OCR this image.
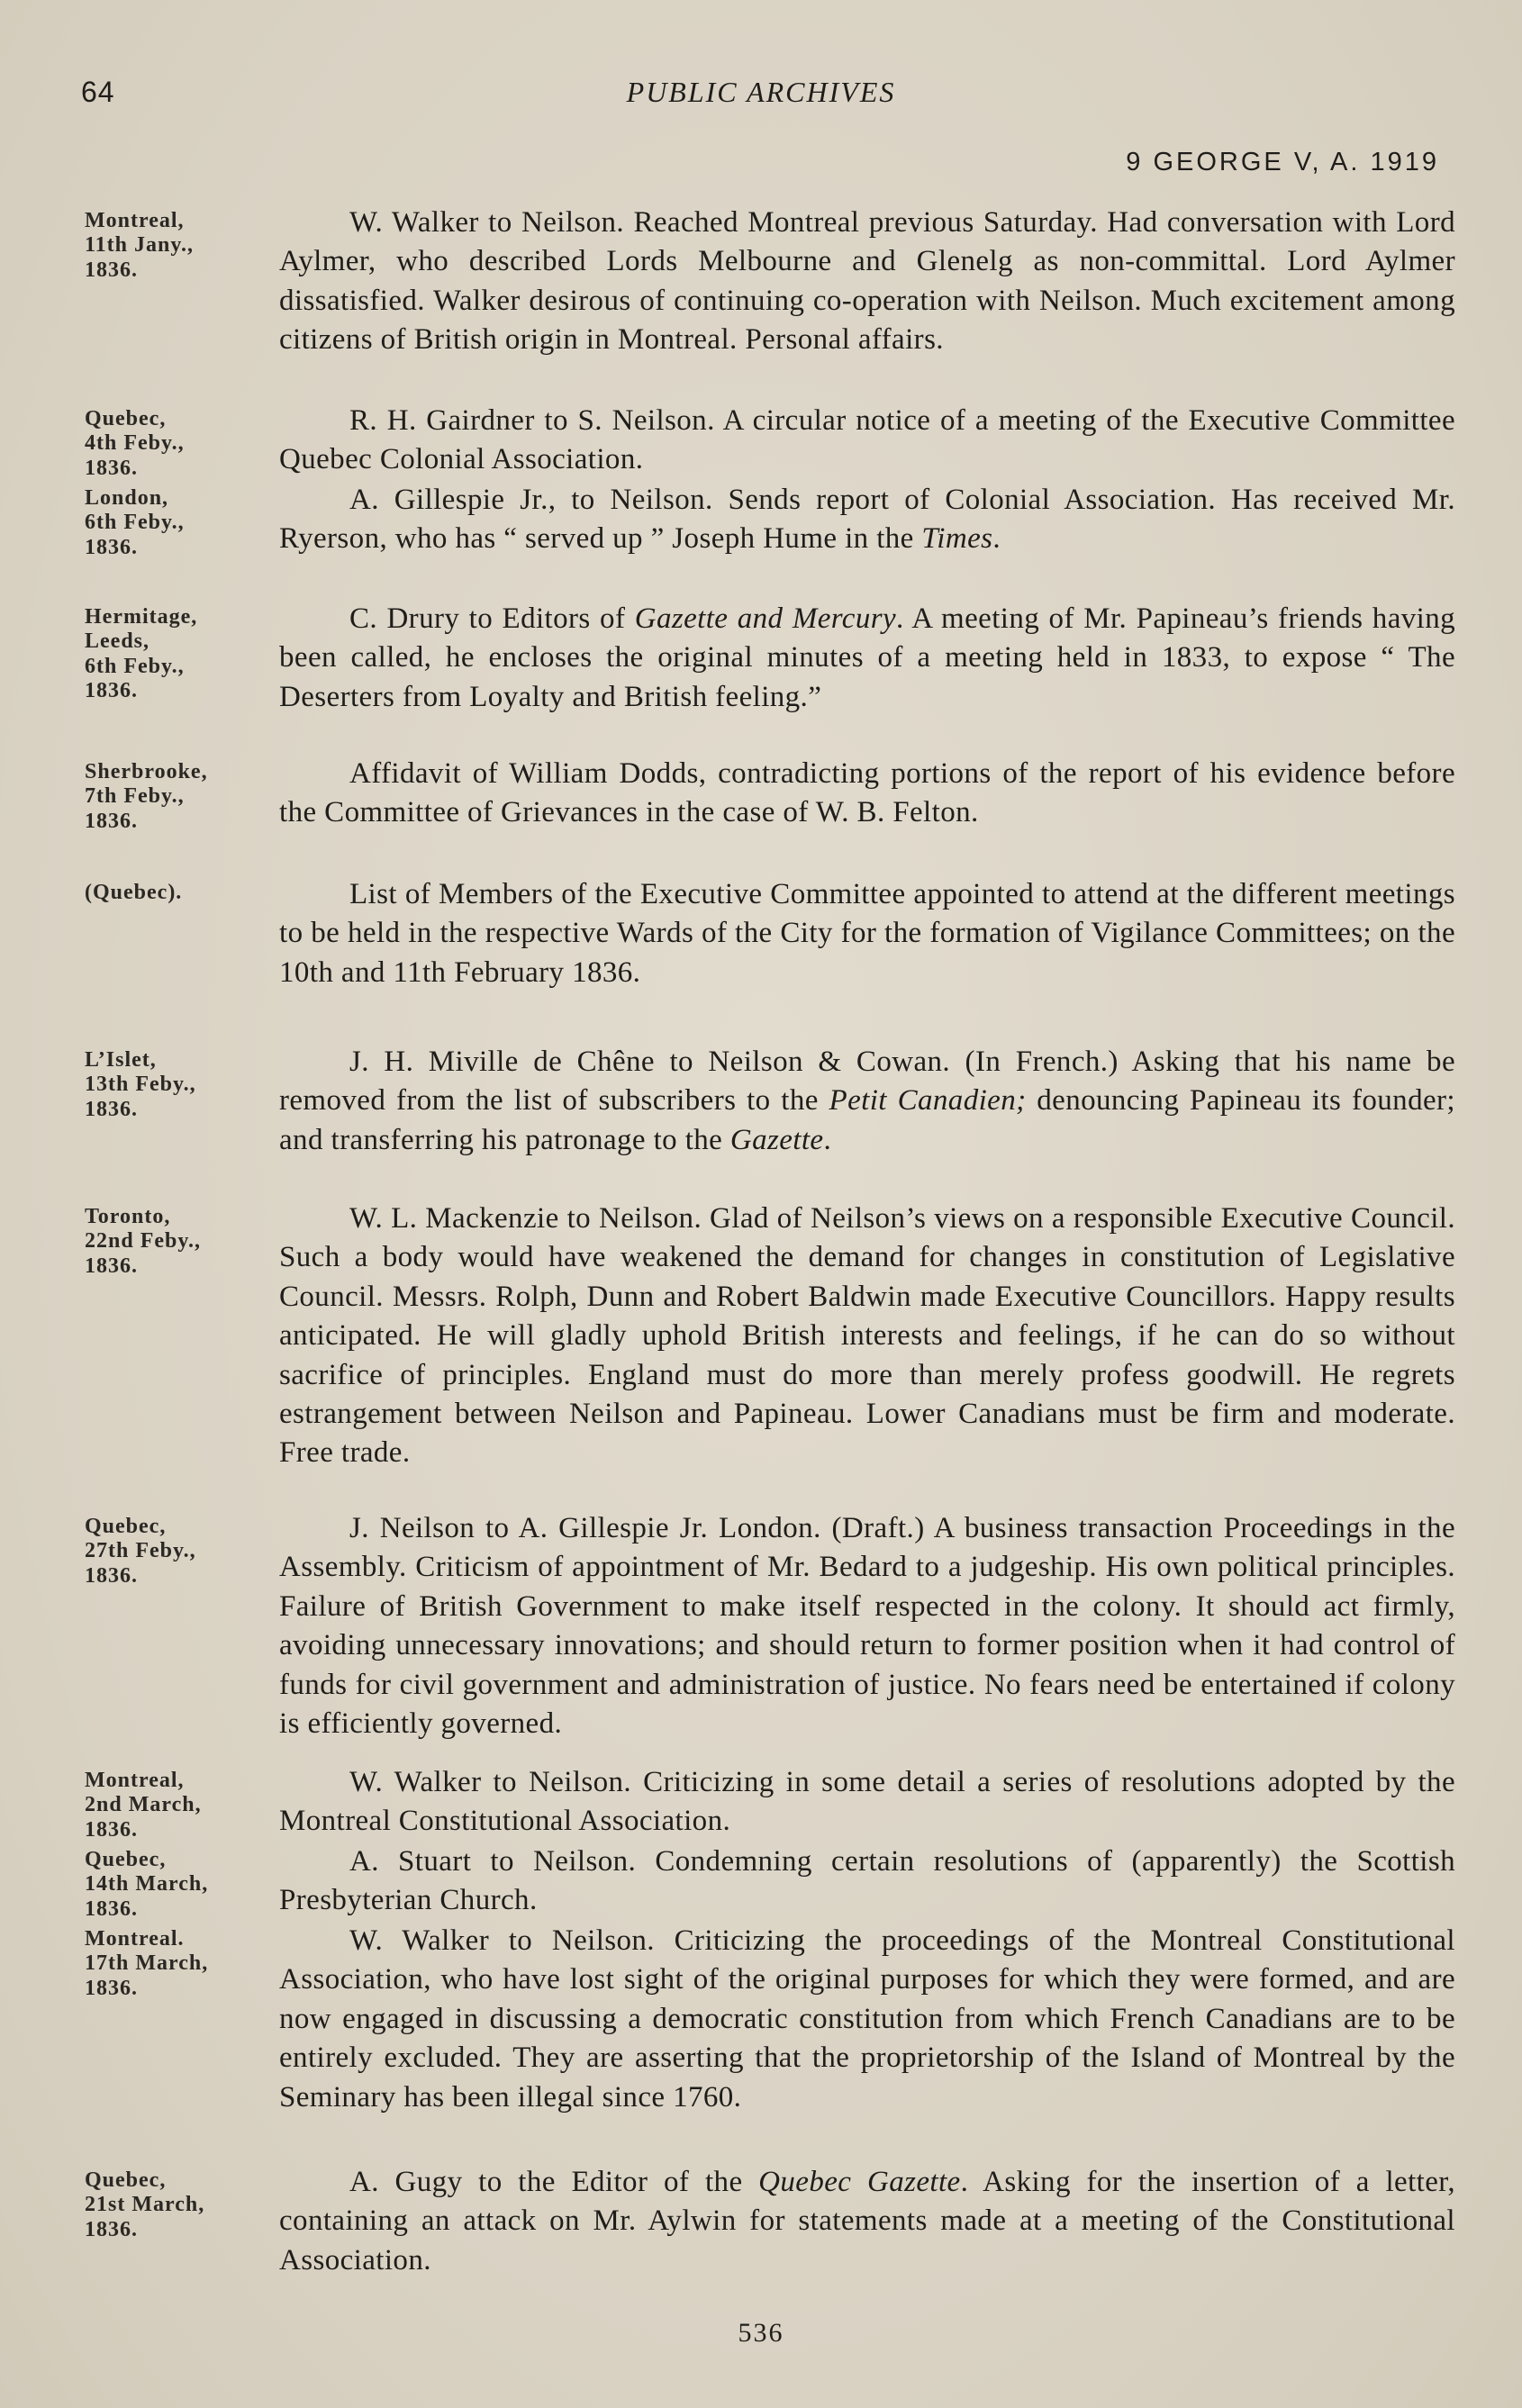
64	PUBLIC ARCHIVES
9 GEORGE V, A. 1919
Montreal,
11th Jany.,
1836.

W. Walker to Neilson. Reached Montreal previous Saturday. Had conversation with Lord Aylmer, who described Lords Melbourne and Glenelg as non-committal. Lord Aylmer dissatisfied. Walker desirous of continuing co-operation with Neilson. Much excitement among citizens of British origin in Montreal. Personal affairs.

Quebec,
4th Feby.,
1836.

R. H. Gairdner to S. Neilson. A circular notice of a meeting of the Executive Committee Quebec Colonial Association.

London,
6th Feby.,
1836.

A. Gillespie Jr., to Neilson. Sends report of Colonial Association. Has received Mr. Ryerson, who has “ served up ” Joseph Hume in the Times.

Hermitage,
Leeds,
6th Feby.,
1836.

C. Drury to Editors of Gazette and Mercury. A meeting of Mr. Papineau’s friends having been called, he encloses the original minutes of a meeting held in 1833, to expose “ The Deserters from Loyalty and British feeling.”

Sherbrooke,
7th Feby.,
1836.

Affidavit of William Dodds, contradicting portions of the report of his evidence before the Committee of Grievances in the case of W. B. Felton.

(Quebec).	List of Members of the Executive Committee appointed to attend at the different meetings to be held in the respective Wards of the City for the formation of Vigilance Committees; on the 10th and 11th February 1836.

L’Islet,
13th Feby.,
1836.

J. H. Miville de Chêne to Neilson & Cowan. (In French.) Asking that his name be removed from the list of subscribers to the Petit Canadien; denouncing Papineau its founder; and transferring his patronage to the Gazette.

Toronto,
22nd Feby.,
1836.

W. L. Mackenzie to Neilson. Glad of Neilson’s views on a responsible Executive Council. Such a body would have weakened the demand for changes in constitution of Legislative Council. Messrs. Rolph, Dunn and Robert Baldwin made Executive Councillors. Happy results anticipated. He will gladly uphold British interests and feelings, if he can do so without sacrifice of principles. England must do more than merely profess goodwill. He regrets estrangement between Neilson and Papineau. Lower Canadians must be firm and moderate. Free trade.

Quebec,
27th Feby.,
1836.

J. Neilson to A. Gillespie Jr. London. (Draft.) A business transaction Proceedings in the Assembly. Criticism of appointment of Mr. Bedard to a judgeship. His own political principles. Failure of British Government to make itself respected in the colony. It should act firmly, avoiding unnecessary innovations; and should return to former position when it had control of funds for civil government and administration of justice. No fears need be entertained if colony is efficiently governed.

Montreal,
2nd March,
1836.

W. Walker to Neilson. Criticizing in some detail a series of resolutions adopted by the Montreal Constitutional Association.

Quebec,
14th March,
1836.

A. Stuart to Neilson. Condemning certain resolutions of (apparently) the Scottish Presbyterian Church.

Montreal.
17th March,
1836.

W. Walker to Neilson. Criticizing the proceedings of the Montreal Constitutional Association, who have lost sight of the original purposes for which they were formed, and are now engaged in discussing a democratic constitution from which French Canadians are to be entirely excluded. They are asserting that the proprietorship of the Island of Montreal by the Seminary has been illegal since 1760.

Quebec,
21st March,
1836.

A. Gugy to the Editor of the Quebec Gazette. Asking for the insertion of a letter, containing an attack on Mr. Aylwin for statements made at a meeting of the Constitutional Association.

536
